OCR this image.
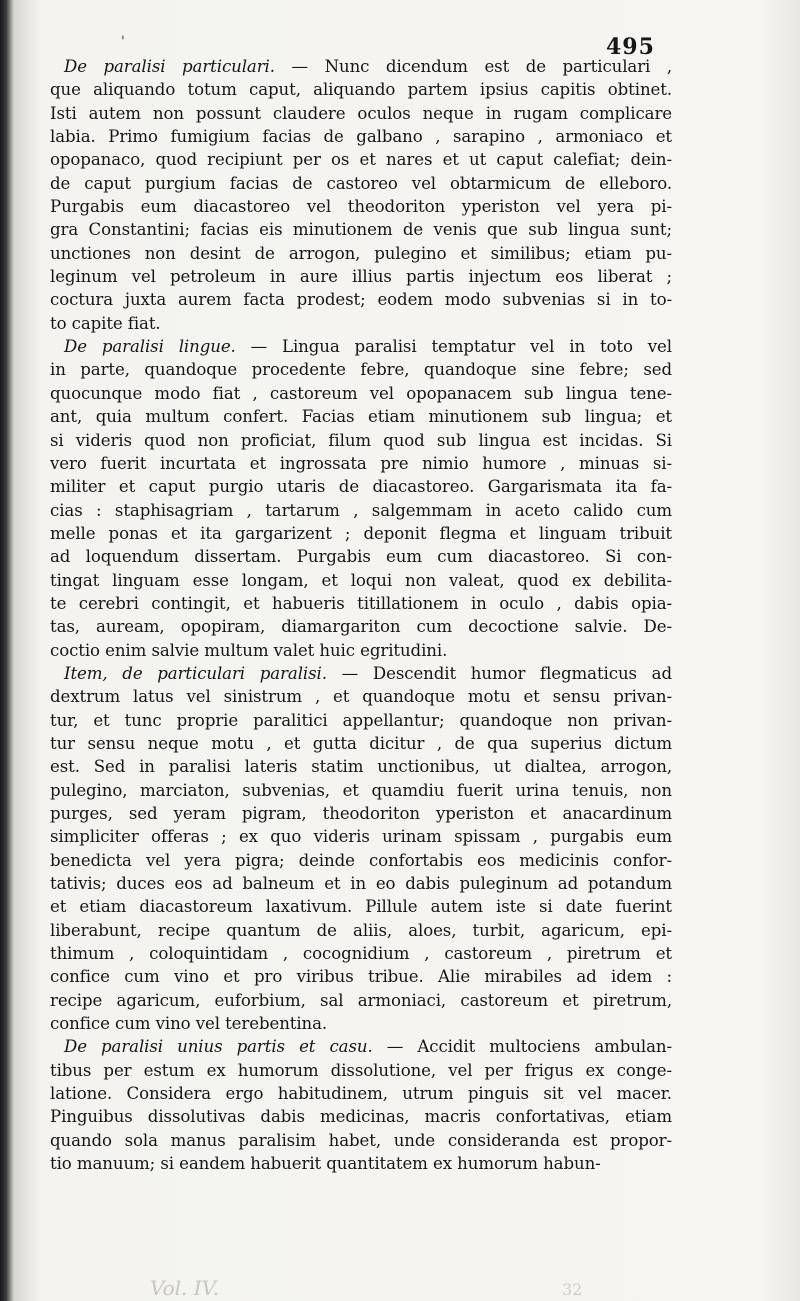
'	495
De paralisi particulari. — Nunc dicendum est de particulari ,
que aliquando totum caput, aliquando partem ipsius capitis obtinet.
Isti autem non possunt claudere oculos neque in rugam complicare
labia. Primo fumigium facias de galbano , sarapino , armoniaco et
opopanaco, quod recipiunt per os et nares et ut caput calefiat; dein-
de caput purgium facias de castoreo vel obtarmicum de elleboro.
Purgabis eum diacastoreo vel theodoriton yperiston vel yera pi-
gra Constantini; facias eis minutionem de venis que sub lingua sunt;
unctiones non desint de arrogon, pulegino et similibus; etiam pu-
leginum vel petroleum in aure illius partis injectum eos liberat ;
coctura juxta aurem facta prodest; eodem modo subvenias si in to-
to capite fiat.
De paralisi lingue. — Lingua paralisi temptatur vel in toto vel
in parte, quandoque procedente febre, quandoque sine febre; sed
quocunque modo fiat , castoreum vel opopanacem sub lingua tene-
ant, quia multum confert. Facias etiam minutionem sub lingua; et
si videris quod non proficiat, filum quod sub lingua est incidas. Si
vero fuerit incurtata et ingrossata pre nimio humore , minuas si-
militer et caput purgio utaris de diacastoreo. Gargarismata ita fa-
cias : staphisagriam , tartarum , salgemmam in aceto calido cum
melle ponas et ita gargarizent ; deponit flegma et linguam tribuit
ad loquendum dissertam. Purgabis eum cum diacastoreo. Si con-
tingat linguam esse longam, et loqui non valeat, quod ex debilita-
te cerebri contingit, et habueris titillationem in oculo , dabis opia-
tas, auream, opopiram, diamargariton cum decoctione salvie. De-
coctio enim salvie multum valet huic egritudini.
Item, de particulari paralisi. — Descendit humor flegmaticus ad
dextrum latus vel sinistrum , et quandoque motu et sensu privan-
tur, et tunc proprie paralitici appellantur; quandoque non privan-
tur sensu neque motu , et gutta dicitur , de qua superius dictum
est. Sed in paralisi lateris statim unctionibus, ut dialtea, arrogon,
pulegino, marciaton, subvenias, et quamdiu fuerit urina tenuis, non
purges, sed yeram pigram, theodoriton yperiston et anacardinum
simpliciter offeras ; ex quo videris urinam spissam , purgabis eum
benedicta vel yera pigra; deinde confortabis eos medicinis confor-
tativis; duces eos ad balneum et in eo dabis puleginum ad potandum
et etiam diacastoreum laxativum. Pillule autem iste si date fuerint
liberabunt, recipe quantum de aliis, aloes, turbit, agaricum, epi-
thimum , coloquintidam , cocognidium , castoreum , piretrum et
confice cum vino et pro viribus tribue. Alie mirabiles ad idem :
recipe agaricum, euforbium, sal armoniaci, castoreum et piretrum,
confice cum vino vel terebentina.
De paralisi unius partis et casu. — Accidit multociens ambulan-
tibus per estum ex humorum dissolutione, vel per frigus ex conge-
latione. Considera ergo habitudinem, utrum pinguis sit vel macer.
Pinguibus dissolutivas dabis medicinas, macris confortativas, etiam
quando sola manus paralisim habet, unde consideranda est propor-
tio manuum; si eandem habuerit quantitatem ex humorum habun-
Vol. IV.	32
